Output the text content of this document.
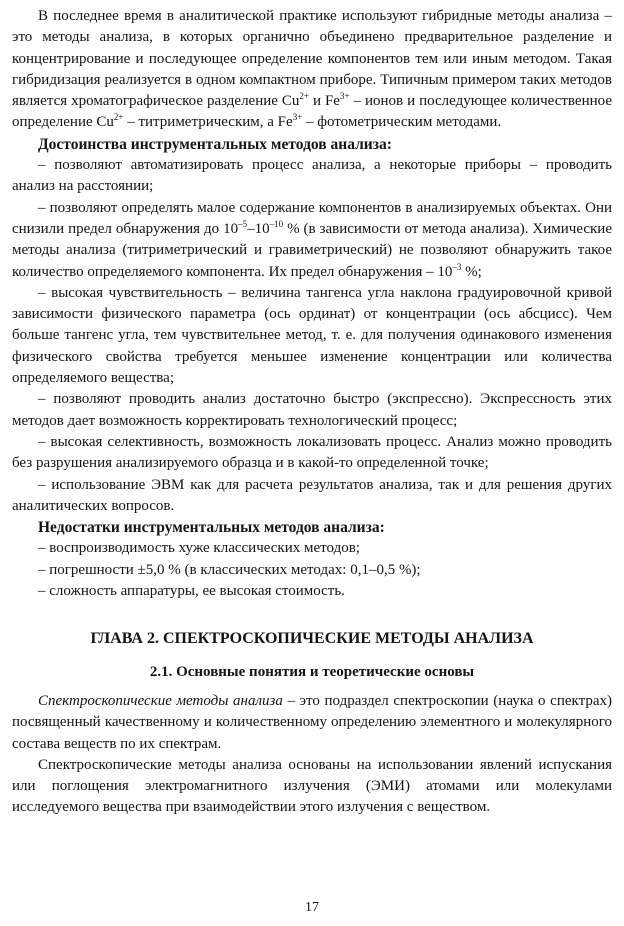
В последнее время в аналитической практике используют гибридные методы анализа – это методы анализа, в которых органично объединено предварительное разделение и концентрирование и последующее определение компонентов тем или иным методом. Такая гибридизация реализуется в одном компактном приборе. Типичным примером таких методов является хроматографическое разделение $Cu^{2+}$ и $Fe^{3+}$ – ионов и последующее количественное определение $Cu^{2+}$ – титриметрическим, а $Fe^{3+}$ – фотометрическим методами.

Достоинства инструментальных методов анализа:

– позволяют автоматизировать процесс анализа, а некоторые приборы – проводить анализ на расстоянии;

– позволяют определять малое содержание компонентов в анализируемых объектах. Они снизили предел обнаружения до $10^{-5}-10^{-10}$ % (в зависимости от метода анализа). Химические методы анализа (титриметрический и гравиметрический) не позволяют обнаружить такое количество определяемого компонента. Их предел обнаружения – $10^{-3}$ %;

– высокая чувствительность – величина тангенса угла наклона градуировочной кривой зависимости физического параметра (ось ординат) от концентрации (ось абсцисс). Чем больше тангенс угла, тем чувствительнее метод, т. е. для получения одинакового изменения физического свойства требуется меньшее изменение концентрации или количества определяемого вещества;

– позволяют проводить анализ достаточно быстро (экспрессно). Экспрессность этих методов дает возможность корректировать технологический процесс;

– высокая селективность, возможность локализовать процесс. Анализ можно проводить без разрушения анализируемого образца и в какой-то определенной точке;

– использование ЭВМ как для расчета результатов анализа, так и для решения других аналитических вопросов.

Недостатки инструментальных методов анализа:

– воспроизводимость хуже классических методов;

– погрешности ±5,0 % (в классических методах: 0,1–0,5 %);

– сложность аппаратуры, ее высокая стоимость.

ГЛАВА 2. СПЕКТРОСКОПИЧЕСКИЕ МЕТОДЫ АНАЛИЗА

2.1. Основные понятия и теоретические основы

Спектроскопические методы анализа – это подраздел спектроскопии (наука о спектрах) посвященный качественному и количественному определению элементного и молекулярного состава веществ по их спектрам.

Спектроскопические методы анализа основаны на использовании явлений испускания или поглощения электромагнитного излучения (ЭМИ) атомами или молекулами исследуемого вещества при взаимодействии этого излучения с веществом.

17
